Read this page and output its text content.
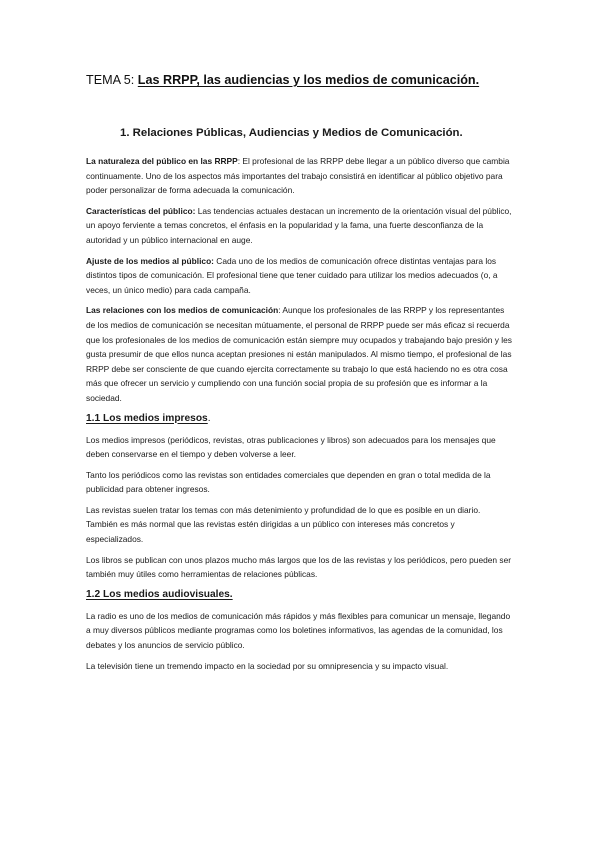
TEMA 5: Las RRPP, las audiencias y los medios de comunicación.
1. Relaciones Públicas, Audiencias y Medios de Comunicación.

La naturaleza del público en las RRPP: El profesional de las RRPP debe llegar a un público diverso que cambia continuamente. Uno de los aspectos más importantes del trabajo consistirá en identificar al público objetivo para poder personalizar de forma adecuada la comunicación.

Características del público: Las tendencias actuales destacan un incremento de la orientación visual del público, un apoyo ferviente a temas concretos, el énfasis en la popularidad y la fama, una fuerte desconfianza de la autoridad y un público internacional en auge.

Ajuste de los medios al público: Cada uno de los medios de comunicación ofrece distintas ventajas para los distintos tipos de comunicación. El profesional tiene que tener cuidado para utilizar los medios adecuados (o, a veces, un único medio) para cada campaña.

Las relaciones con los medios de comunicación: Aunque los profesionales de las RRPP y los representantes de los medios de comunicación se necesitan mútuamente, el personal de RRPP puede ser más eficaz si recuerda que los profesionales de los medios de comunicación están siempre muy ocupados y trabajando bajo presión y les gusta presumir de que ellos nunca aceptan presiones ni están manipulados. Al mismo tiempo, el profesional de las RRPP debe ser consciente de que cuando ejercita correctamente su trabajo lo que está haciendo no es otra cosa más que ofrecer un servicio y cumpliendo con una función social propia de su profesión que es informar a la sociedad.

1.1 Los medios impresos.

Los medios impresos (periódicos, revistas, otras publicaciones y libros) son adecuados para los mensajes que deben conservarse en el tiempo y deben volverse a leer.

Tanto los periódicos como las revistas son entidades comerciales que dependen en gran o total medida de la publicidad para obtener ingresos.

Las revistas suelen tratar los temas con más detenimiento y profundidad de lo que es posible en un diario. También es más normal que las revistas estén dirigidas a un público con intereses más concretos y especializados.

Los libros se publican con unos plazos mucho más largos que los de las revistas y los periódicos, pero pueden ser también muy útiles como herramientas de relaciones públicas.

1.2 Los medios audiovisuales.

La radio es uno de los medios de comunicación más rápidos y más flexibles para comunicar un mensaje, llegando a muy diversos públicos mediante programas como los boletines informativos, las agendas de la comunidad, los debates y los anuncios de servicio público.

La televisión tiene un tremendo impacto en la sociedad por su omnipresencia y su impacto visual.
